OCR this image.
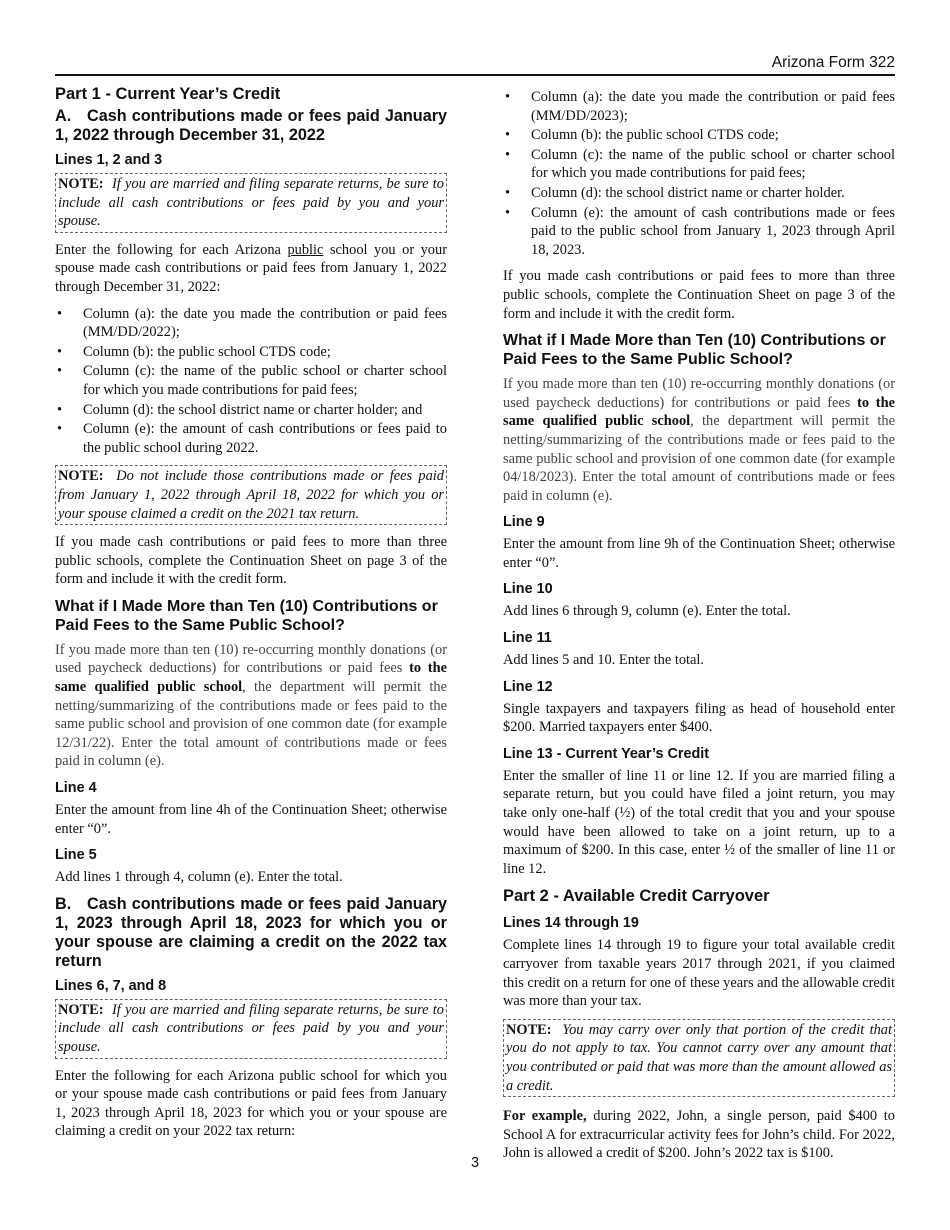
Arizona Form 322
Part 1 - Current Year’s Credit
A. Cash contributions made or fees paid January 1, 2022 through December 31, 2022
Lines 1, 2 and 3
NOTE: If you are married and filing separate returns, be sure to include all cash contributions or fees paid by you and your spouse.

Enter the following for each Arizona public school you or your spouse made cash contributions or paid fees from January 1, 2022 through December 31, 2022:

• Column (a): the date you made the contribution or paid fees (MM/DD/2022);
• Column (b): the public school CTDS code;
• Column (c): the name of the public school or charter school for which you made contributions for paid fees;
• Column (d): the school district name or charter holder; and
• Column (e): the amount of cash contributions or fees paid to the public school during 2022.
NOTE: Do not include those contributions made or fees paid from January 1, 2022 through April 18, 2022 for which you or your spouse claimed a credit on the 2021 tax return.

If you made cash contributions or paid fees to more than three public schools, complete the Continuation Sheet on page 3 of the form and include it with the credit form.

What if I Made More than Ten (10) Contributions or Paid Fees to the Same Public School?

If you made more than ten (10) re-occurring monthly donations (or used paycheck deductions) for contributions or paid fees to the same qualified public school, the department will permit the netting/summarizing of the contributions made or fees paid to the same public school and provision of one common date (for example 12/31/22). Enter the total amount of contributions made or fees paid in column (e).

Line 4

Enter the amount from line 4h of the Continuation Sheet; otherwise enter “0”.

Line 5

Add lines 1 through 4, column (e). Enter the total.

B. Cash contributions made or fees paid January 1, 2023 through April 18, 2023 for which you or your spouse are claiming a credit on the 2022 tax return
Lines 6, 7, and 8
NOTE: If you are married and filing separate returns, be sure to include all cash contributions or fees paid by you and your spouse.

Enter the following for each Arizona public school for which you or your spouse made cash contributions or paid fees from January 1, 2023 through April 18, 2023 for which you or your spouse are claiming a credit on your 2022 tax return:

• Column (a): the date you made the contribution or paid fees (MM/DD/2023);
• Column (b): the public school CTDS code;
• Column (c): the name of the public school or charter school for which you made contributions for paid fees;
• Column (d): the school district name or charter holder.
• Column (e): the amount of cash contributions made or fees paid to the public school from January 1, 2023 through April 18, 2023.

If you made cash contributions or paid fees to more than three public schools, complete the Continuation Sheet on page 3 of the form and include it with the credit form.

What if I Made More than Ten (10) Contributions or Paid Fees to the Same Public School?

If you made more than ten (10) re-occurring monthly donations (or used paycheck deductions) for contributions or paid fees to the same qualified public school, the department will permit the netting/summarizing of the contributions made or fees paid to the same public school and provision of one common date (for example 04/18/2023). Enter the total amount of contributions made or fees paid in column (e).

Line 9

Enter the amount from line 9h of the Continuation Sheet; otherwise enter “0”.

Line 10

Add lines 6 through 9, column (e). Enter the total.

Line 11

Add lines 5 and 10. Enter the total.

Line 12

Single taxpayers and taxpayers filing as head of household enter $200. Married taxpayers enter $400.

Line 13 - Current Year’s Credit

Enter the smaller of line 11 or line 12. If you are married filing a separate return, but you could have filed a joint return, you may take only one-half (½) of the total credit that you and your spouse would have been allowed to take on a joint return, up to a maximum of $200. In this case, enter ½ of the smaller of line 11 or line 12.

Part 2 - Available Credit Carryover
Lines 14 through 19

Complete lines 14 through 19 to figure your total available credit carryover from taxable years 2017 through 2021, if you claimed this credit on a return for one of these years and the allowable credit was more than your tax.

NOTE: You may carry over only that portion of the credit that you do not apply to tax. You cannot carry over any amount that you contributed or paid that was more than the amount allowed as a credit.

For example, during 2022, John, a single person, paid $400 to School A for extracurricular activity fees for John’s child. For 2022, John is allowed a credit of $200. John’s 2022 tax is $100.

3
